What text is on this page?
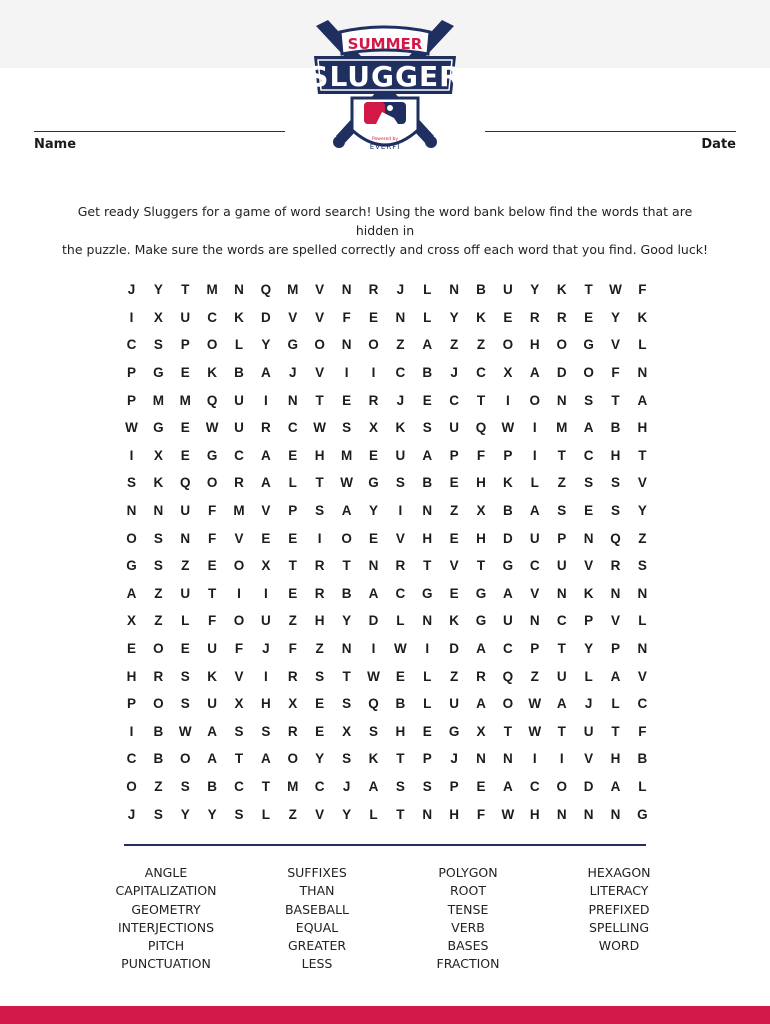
SUMMER
SLUGGER
Powered by
EVERFI
Name	Date
Get ready Sluggers for a game of word search! Using the word bank below find the words that are hidden in
the puzzle. Make sure the words are spelled correctly and cross off each word that you find. Good luck!
J	Y	T	M	N	Q	M	V	N	R	J	L	N	B	U	Y	K	T	W	F
I	X	U	C	K	D	V	V	F	E	N	L	Y	K	E	R	R	E	Y	K
C	S	P	O	L	Y	G	O	N	O	Z	A	Z	Z	O	H	O	G	V	L
P	G	E	K	B	A	J	V	I	I	C	B	J	C	X	A	D	O	F	N
P	M	M	Q	U	I	N	T	E	R	J	E	C	T	I	O	N	S	T	A
W	G	E	W	U	R	C	W	S	X	K	S	U	Q	W	I	M	A	B	H
I	X	E	G	C	A	E	H	M	E	U	A	P	F	P	I	T	C	H	T
S	K	Q	O	R	A	L	T	W	G	S	B	E	H	K	L	Z	S	S	V
N	N	U	F	M	V	P	S	A	Y	I	N	Z	X	B	A	S	E	S	Y
O	S	N	F	V	E	E	I	O	E	V	H	E	H	D	U	P	N	Q	Z
G	S	Z	E	O	X	T	R	T	N	R	T	V	T	G	C	U	V	R	S
A	Z	U	T	I	I	E	R	B	A	C	G	E	G	A	V	N	K	N	N
X	Z	L	F	O	U	Z	H	Y	D	L	N	K	G	U	N	C	P	V	L
E	O	E	U	F	J	F	Z	N	I	W	I	D	A	C	P	T	Y	P	N
H	R	S	K	V	I	R	S	T	W	E	L	Z	R	Q	Z	U	L	A	V
P	O	S	U	X	H	X	E	S	Q	B	L	U	A	O	W	A	J	L	C
I	B	W	A	S	S	R	E	X	S	H	E	G	X	T	W	T	U	T	F
C	B	O	A	T	A	O	Y	S	K	T	P	J	N	N	I	I	V	H	B
O	Z	S	B	C	T	M	C	J	A	S	S	P	E	A	C	O	D	A	L
J	S	Y	Y	S	L	Z	V	Y	L	T	N	H	F	W	H	N	N	N	G
ANGLE
CAPITALIZATION
GEOMETRY
INTERJECTIONS
PITCH
PUNCTUATION
SUFFIXES
THAN
BASEBALL
EQUAL
GREATER
LESS
POLYGON
ROOT
TENSE
VERB
BASES
FRACTION
HEXAGON
LITERACY
PREFIXED
SPELLING
WORD
